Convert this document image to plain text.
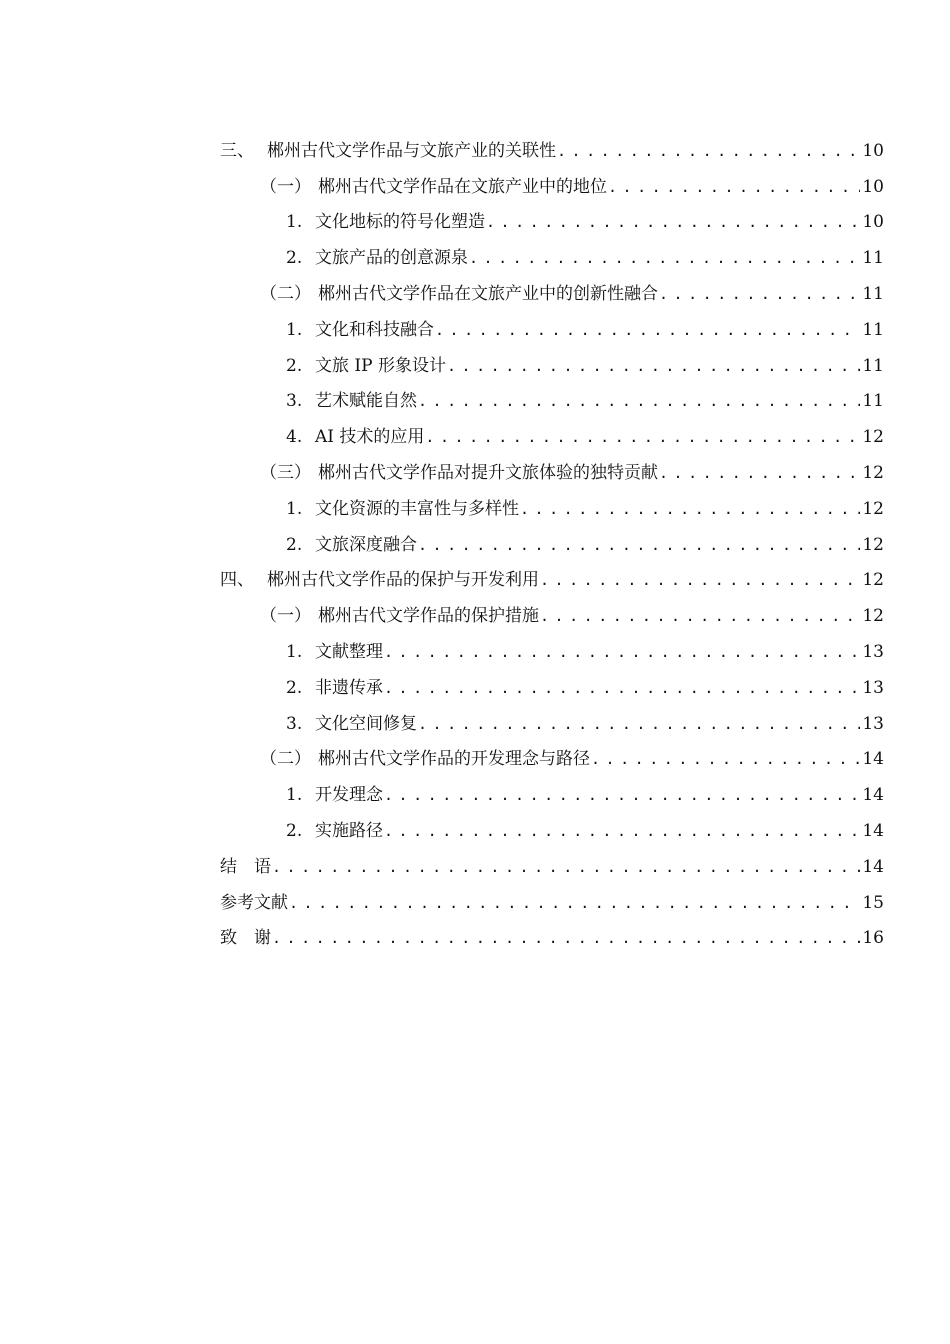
三、 郴州古代文学作品与文旅产业的关联性 . . .	10
（一） 郴州古代文学作品在文旅产业中的地位 . . .	10
1. 文化地标的符号化塑造 . . .	10
2. 文旅产品的创意源泉 . . .	11
（二） 郴州古代文学作品在文旅产业中的创新性融合 . . .	11
1. 文化和科技融合 . . .	11
2. 文旅 IP 形象设计 . . .	11
3. 艺术赋能自然 . . .	11
4. AI 技术的应用 . . .	12
（三） 郴州古代文学作品对提升文旅体验的独特贡献 . . .	12
1. 文化资源的丰富性与多样性 . . .	12
2. 文旅深度融合 . . .	12
四、 郴州古代文学作品的保护与开发利用 . . .	12
（一） 郴州古代文学作品的保护措施 . . .	12
1. 文献整理 . . .	13
2. 非遗传承 . . .	13
3. 文化空间修复 . . .	13
（二） 郴州古代文学作品的开发理念与路径 . . .	14
1. 开发理念 . . .	14
2. 实施路径 . . .	14
结　语 . . .	14
参考文献 . . .	15
致　谢 . . .	16
